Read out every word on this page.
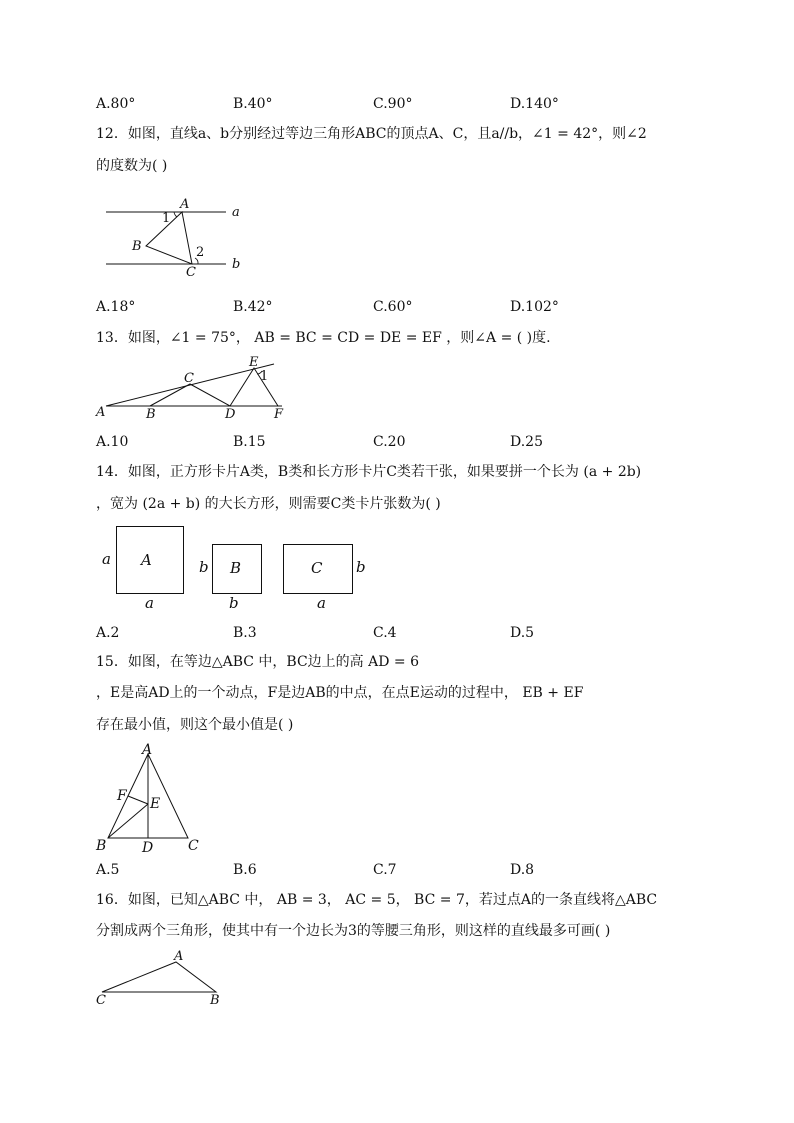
A.80°	B.40°	C.90°	D.140°
12．如图，直线a、b分别经过等边三角形ABC的顶点A、C，且a//b，∠1 = 42°，则∠2
的度数为( )
A
1
B	2
C
a
b
A.18°	B.42°	C.60°	D.102°
13．如图，∠1 = 75°， AB = BC = CD = DE = EF ，则∠A = ( )度.
A	B
C
D
E
1
F
A.10	B.15	C.20	D.25
14．如图，正方形卡片A类，B类和长方形卡片C类若干张，如果要拼一个长为 (a + 2b)
，宽为 (2a + b) 的大长方形，则需要C类卡片张数为( )
A
a
a
B
b
b
C b
a
A.2	B.3	C.4	D.5
15．如图，在等边△ABC 中，BC边上的高 AD = 6
，E是高AD上的一个动点，F是边AB的中点，在点E运动的过程中， EB + EF
存在最小值，则这个最小值是( )
A
F E
B	D C
A.5	B.6	C.7	D.8
16．如图，已知△ABC 中， AB = 3， AC = 5， BC = 7，若过点A的一条直线将△ABC
分割成两个三角形，使其中有一个边长为3的等腰三角形，则这样的直线最多可画( )
A
C	B
